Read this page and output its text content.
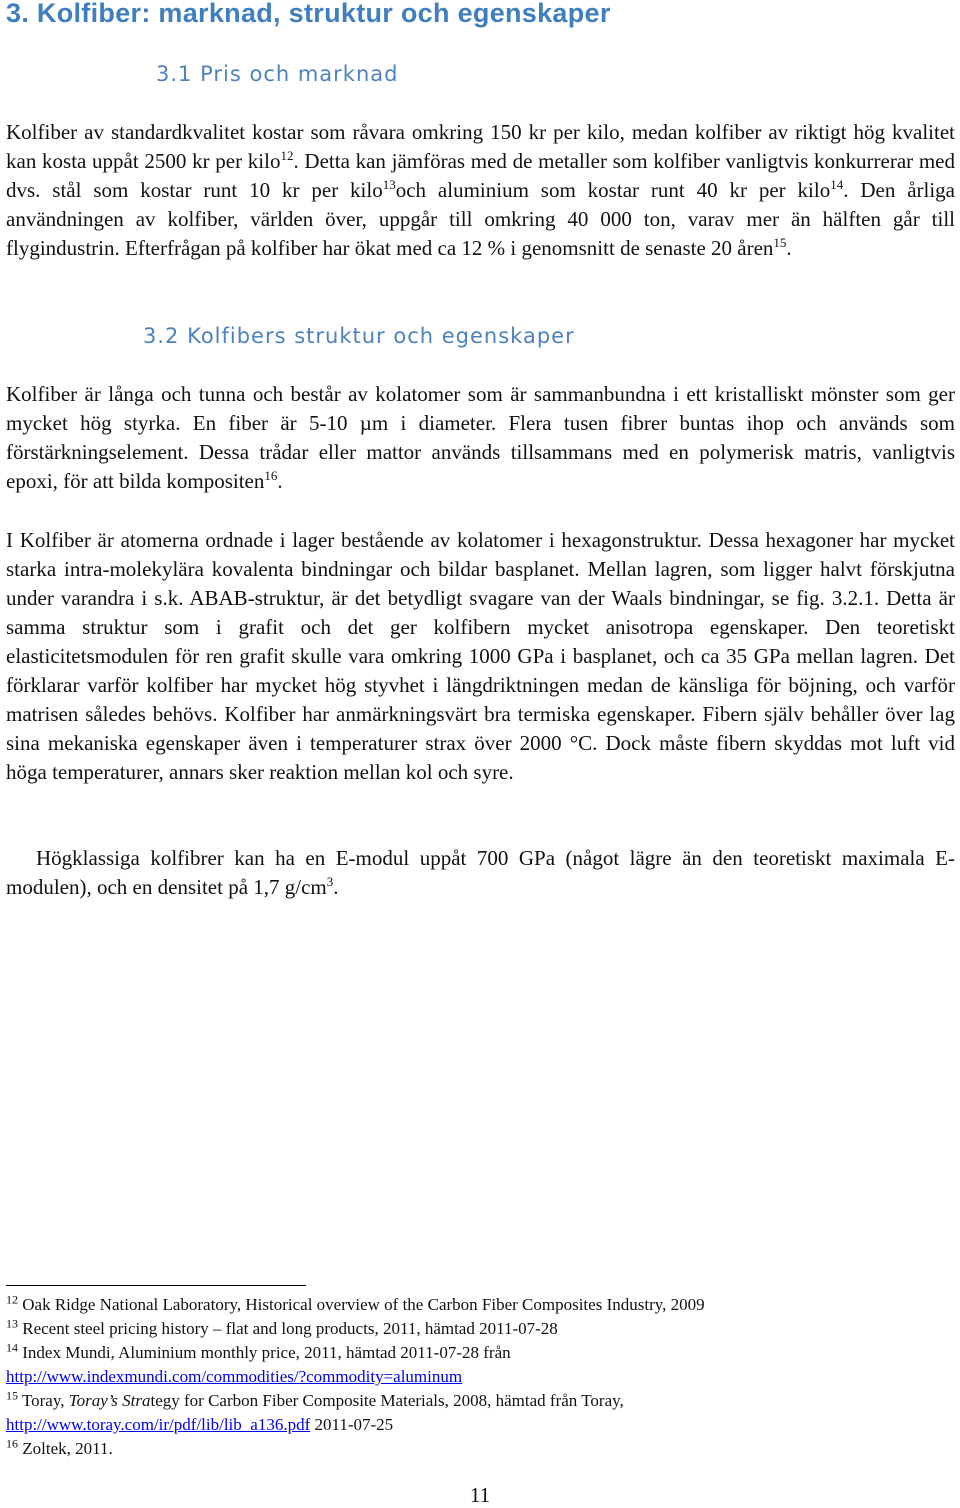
3. Kolfiber: marknad, struktur och egenskaper
3.1 Pris och marknad

Kolfiber av standardkvalitet kostar som råvara omkring 150 kr per kilo, medan kolfiber av riktigt hög kvalitet kan kosta uppåt 2500 kr per kilo$^{12}$. Detta kan jämföras med de metaller som kolfiber vanligtvis konkurrerar med dvs. stål som kostar runt 10 kr per kilo$^{13}$och aluminium som kostar runt 40 kr per kilo$^{14}$. Den årliga användningen av kolfiber, världen över, uppgår till omkring 40 000 ton, varav mer än hälften går till flygindustrin. Efterfrågan på kolfiber har ökat med ca 12 % i genomsnitt de senaste 20 åren$^{15}$.

3.2 Kolfibers struktur och egenskaper

Kolfiber är långa och tunna och består av kolatomer som är sammanbundna i ett kristalliskt mönster som ger mycket hög styrka. En fiber är 5-10 µm i diameter. Flera tusen fibrer buntas ihop och används som förstärkningselement. Dessa trådar eller mattor används tillsammans med en polymerisk matris, vanligtvis epoxi, för att bilda kompositen$^{16}$.

I Kolfiber är atomerna ordnade i lager bestående av kolatomer i hexagonstruktur. Dessa hexagoner har mycket starka intra-molekylära kovalenta bindningar och bildar basplanet. Mellan lagren, som ligger halvt förskjutna under varandra i s.k. ABAB-struktur, är det betydligt svagare van der Waals bindningar, se fig. 3.2.1. Detta är samma struktur som i grafit och det ger kolfibern mycket anisotropa egenskaper. Den teoretiskt elasticitetsmodulen för ren grafit skulle vara omkring 1000 GPa i basplanet, och ca 35 GPa mellan lagren. Det förklarar varför kolfiber har mycket hög styvhet i längdriktningen medan de känsliga för böjning, och varför matrisen således behövs. Kolfiber har anmärkningsvärt bra termiska egenskaper. Fibern själv behåller över lag sina mekaniska egenskaper även i temperaturer strax över 2000 °C. Dock måste fibern skyddas mot luft vid höga temperaturer, annars sker reaktion mellan kol och syre.

Högklassiga kolfibrer kan ha en E-modul uppåt 700 GPa (något lägre än den teoretiskt maximala E-modulen), och en densitet på 1,7 $g/cm^3$.

$^{12}$ Oak Ridge National Laboratory, Historical overview of the Carbon Fiber Composites Industry, 2009

$^{13}$ Recent steel pricing history – flat and long products, 2011, hämtad 2011-07-28

$^{14}$ Index Mundi, Aluminium monthly price, 2011, hämtad 2011-07-28 från

http://www.indexmundi.com/commodities/?commodity=aluminum

$^{15}$ Toray, Toray’s Strategy for Carbon Fiber Composite Materials, 2008, hämtad från Toray,

http://www.toray.com/ir/pdf/lib/lib_a136.pdf 2011-07-25

$^{16}$ Zoltek, 2011.

11
